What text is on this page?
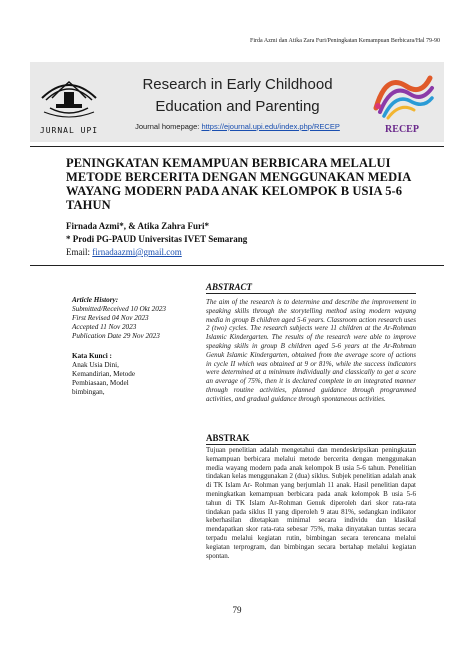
Firda Azmi dan Atika Zara Furi/Peningkatan Kemampuan Berbicara/Hal 79-90
JURNAL UPI
Research in Early Childhood
Education and Parenting
Journal homepage: https://ejournal.upi.edu/index.php/RECEP	RECEP
PENINGKATAN KEMAMPUAN BERBICARA MELALUI METODE BERCERITA DENGAN MENGGUNAKAN MEDIA WAYANG MODERN PADA ANAK KELOMPOK B USIA 5-6 TAHUN
Firnada Azmi*, & Atika Zahra Furi*
* Prodi PG-PAUD Universitas IVET Semarang
Email: firnadaazmi@gmail.com
ABSTRACT
Article History:
Submitted/Received 10 Okt 2023
First Revised 04 Nov 2023
Accepted 11 Nov 2023
Publication Date 29 Nov 2023
Kata Kunci :
Anak Usia Dini,
Kemandirian, Metode
Pembiasaan, Model
bimbingan,
The aim of the research is to determine and describe the improvement in speaking skills through the storytelling method using modern wayang media in group B children aged 5-6 years. Classroom action research uses 2 (two) cycles. The research subjects were 11 children at the Ar-Rohman Islamic Kindergarten. The results of the research were able to improve speaking skills in group B children aged 5-6 years at the Ar-Rohman Genuk Islamic Kindergarten, obtained from the average score of actions in cycle II which was obtained at 9 or 81%, while the success indicators were determined at a minimum individually and classically to get a score an average of 75%, then it is declared complete in an integrated manner through routine activities, planned guidance through programmed activities, and gradual guidance through spontaneous activities.
ABSTRAK
Tujuan penelitian adalah mengetahui dan mendeskripsikan peningkatan kemampuan berbicara melalui metode bercerita dengan menggunakan media wayang modern pada anak kelompok B usia 5-6 tahun. Penelitian tindakan kelas menggunakan 2 (dua) siklus. Subjek penelitian adalah anak di TK Islam Ar- Rohman yang berjumlah 11 anak. Hasil penelitian dapat meningkatkan kemampuan berbicara pada anak kelompok B usia 5-6 tahun di TK Islam Ar-Rohman Genuk diperoleh dari skor rata-rata tindakan pada siklus II yang diperoleh 9 atau 81%, sedangkan indikator keberhasilan ditetapkan minimal secara individu dan klasikal mendapatkan skor rata-rata sebesar 75%, maka dinyatakan tuntas secara terpadu melalui kegiatan rutin, bimbingan secara terencana melalui kegiatan terprogram, dan bimbingan secara bertahap melalui kegiatan spontan.
79
